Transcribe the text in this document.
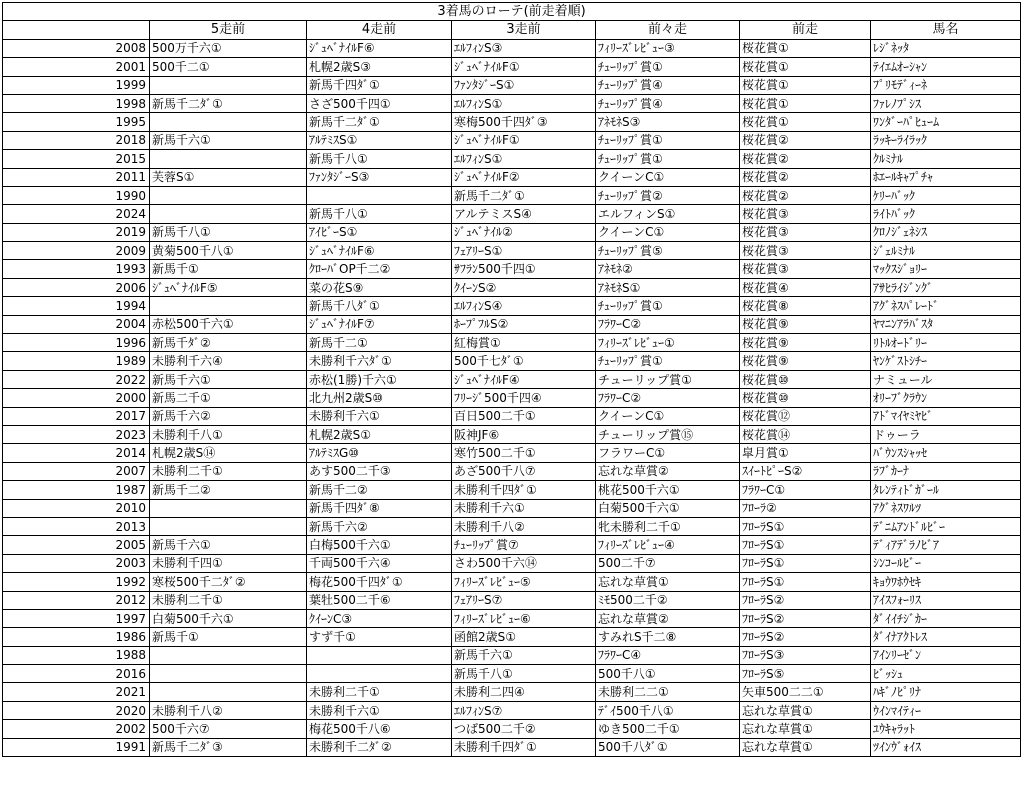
3着馬のローテ(前走着順)						
	5走前	4走前	3走前	前々走	前走	馬名
2008	500万千六①	ｼﾞｭﾍﾞﾅｲﾙF⑥	ｴﾙﾌｨﾝS③	ﾌｨﾘｰｽﾞﾚﾋﾞｭｰ③	桜花賞①	ﾚｼﾞﾈｯﾀ
2001	500千二①	札幌2歳S③	ｼﾞｭﾍﾞﾅｲﾙF①	ﾁｭｰﾘｯﾌﾟ賞①	桜花賞①	ﾃｲｴﾑｵｰｼｬﾝ
1999		新馬千四ﾀﾞ①	ﾌｧﾝﾀｼﾞｰS①	ﾁｭｰﾘｯﾌﾟ賞④	桜花賞①	ﾌﾟﾘﾓﾃﾞｨｰﾈ
1998	新馬千二ﾀﾞ①	さざ500千四①	ｴﾙﾌｨﾝS①	ﾁｭｰﾘｯﾌﾟ賞④	桜花賞①	ﾌｧﾚﾉﾌﾟｼｽ
1995		新馬千二ﾀﾞ①	寒梅500千四ﾀﾞ③	ｱﾈﾓﾈS③	桜花賞①	ﾜﾝﾀﾞｰﾊﾟﾋｭｰﾑ
2018	新馬千六①	ｱﾙﾃﾐｽS①	ｼﾞｭﾍﾞﾅｲﾙF①	ﾁｭｰﾘｯﾌﾟ賞①	桜花賞②	ﾗｯｷｰﾗｲﾗｯｸ
2015		新馬千八①	ｴﾙﾌｨﾝS①	ﾁｭｰﾘｯﾌﾟ賞①	桜花賞②	ｸﾙﾐﾅﾙ
2011	芙蓉S①	ﾌｧﾝﾀｼﾞｰS③	ｼﾞｭﾍﾞﾅｲﾙF②	クイーンC①	桜花賞②	ﾎｴｰﾙｷｬﾌﾟﾁｬ
1990			新馬千二ﾀﾞ①	ﾁｭｰﾘｯﾌﾟ賞②	桜花賞②	ｹﾘｰﾊﾞｯｸ
2024		新馬千八①	アルテミスS④	エルフィンS①	桜花賞③	ﾗｲﾄﾊﾞｯｸ
2019	新馬千八①	ｱｲﾋﾞｰS①	ｼﾞｭﾍﾞﾅｲﾙ②	クイーンC①	桜花賞③	ｸﾛﾉｼﾞｪﾈｼｽ
2009	黄菊500千八①	ｼﾞｭﾍﾞﾅｲﾙF⑥	ﾌｪｱﾘｰS①	ﾁｭｰﾘｯﾌﾟ賞⑤	桜花賞③	ｼﾞｪﾙﾐﾅﾙ
1993	新馬千①	ｸﾛｰﾊﾞOP千二②	ｻﾌﾗﾝ500千四①	ｱﾈﾓﾈ②	桜花賞③	ﾏｯｸｽｼﾞｮﾘｰ
2006	ｼﾞｭﾍﾞﾅｲﾙF⑤	菜の花S⑨	ｸｲｰﾝS②	ｱﾈﾓﾈS①	桜花賞④	ｱｻﾋﾗｲｼﾞﾝｸﾞ
1994		新馬千八ﾀﾞ①	ｴﾙﾌｨﾝS④	ﾁｭｰﾘｯﾌﾟ賞①	桜花賞⑧	ｱｸﾞﾈｽﾊﾟﾚｰﾄﾞ
2004	赤松500千六①	ｼﾞｭﾍﾞﾅｲﾙF⑦	ﾎｰﾌﾟﾌﾙS②	ﾌﾗﾜｰC②	桜花賞⑨	ﾔﾏﾆﾝｱﾗﾊﾞｽﾀ
1996	新馬千ﾀﾞ②	新馬千二①	紅梅賞①	ﾌｨﾘｰｽﾞﾚﾋﾞｭｰ①	桜花賞⑨	ﾘﾄﾙｵｰﾄﾞﾘｰ
1989	未勝利千六④	未勝利千六ﾀﾞ①	500千七ﾀﾞ①	ﾁｭｰﾘｯﾌﾟ賞①	桜花賞⑨	ﾔﾝｹﾞｽﾄｼﾁｰ
2022	新馬千六①	赤松(1勝)千六①	ｼﾞｭﾍﾞﾅｲﾙF④	チューリップ賞①	桜花賞⑩	ナミュール
2000	新馬二千①	北九州2歳S⑩	ﾌﾘｰｼﾞ500千四④	ﾌﾗﾜｰC②	桜花賞⑩	ｵﾘｰﾌﾞｸﾗｳﾝ
2017	新馬千六②	未勝利千六①	百日500二千①	クイーンC①	桜花賞⑫	ｱﾄﾞﾏｲﾔﾐﾔﾋﾞ
2023	未勝利千八①	札幌2歳S①	阪神JF⑥	チューリップ賞⑮	桜花賞⑭	ドゥーラ
2014	札幌2歳S⑭	ｱﾙﾃﾐｽG⑩	寒竹500二千①	フラワーC①	皐月賞①	ﾊﾞｳﾝｽｼｬｯｾ
2007	未勝利二千①	あす500二千③	あざ500千八⑦	忘れな草賞②	ｽｲｰﾄﾋﾟｰS②	ﾗﾌﾞｶｰﾅ
1987	新馬千二②	新馬千二②	未勝利千四ﾀﾞ①	桃花500千六①	ﾌﾗﾜｰC①	ﾀﾚﾝﾃｨﾄﾞｶﾞｰﾙ
2010		新馬千四ﾀﾞ⑧	未勝利千六①	白菊500千六①	ﾌﾛｰﾗ②	ｱｸﾞﾈｽﾜﾙﾂ
2013		新馬千六②	未勝利千八②	牝未勝利二千①	ﾌﾛｰﾗS①	ﾃﾞﾆﾑｱﾝﾄﾞﾙﾋﾞｰ
2005	新馬千六①	白梅500千六①	ﾁｭｰﾘｯﾌﾟ賞⑦	ﾌｨﾘｰｽﾞﾚﾋﾞｭｰ④	ﾌﾛｰﾗS①	ﾃﾞｨｱﾃﾞﾗﾉﾋﾞｱ
2003	未勝利千四①	千両500千六④	さわ500千六⑭	500二千⑦	ﾌﾛｰﾗS①	ｼﾝｺｰﾙﾋﾞｰ
1992	寒桜500千二ﾀﾞ②	梅花500千四ﾀﾞ①	ﾌｨﾘｰｽﾞﾚﾋﾞｭｰ⑤	忘れな草賞①	ﾌﾛｰﾗS①	ｷｮｳﾜﾎｳｾｷ
2012	未勝利二千①	葉牡500二千⑥	ﾌｪｱﾘｰS⑦	ﾐﾓ500二千②	ﾌﾛｰﾗS②	ｱｲｽﾌｫｰﾘｽ
1997	白菊500千六①	ｸｲｰﾝC③	ﾌｨﾘｰｽﾞﾚﾋﾞｭｰ⑥	忘れな草賞②	ﾌﾛｰﾗS②	ﾀﾞｲｲﾁｼﾞｶｰ
1986	新馬千①	すず千①	函館2歳S①	すみれS千二⑧	ﾌﾛｰﾗS②	ﾀﾞｲﾅｱｸﾄﾚｽ
1988			新馬千六①	ﾌﾗﾜｰC④	ﾌﾛｰﾗS③	ｱｲﾝﾘｰｾﾞﾝ
2016			新馬千八①	500千八①	ﾌﾛｰﾗS⑤	ﾋﾞｯｼｭ
2021		未勝利二千①	未勝利二四④	未勝利二二①	矢車500二二①	ﾊｷﾞﾉﾋﾟﾘﾅ
2020	未勝利千八②	未勝利千六①	ｴﾙﾌｨﾝS⑦	ﾃﾞｲ500千八①	忘れな草賞①	ｳｲﾝﾏｲﾃｨｰ
2002	500千六⑦	梅花500千八⑥	つば500二千②	ゆき500二千①	忘れな草賞①	ﾕｳｷｬﾗｯﾄ
1991	新馬千二ﾀﾞ③	未勝利千二ﾀﾞ②	未勝利千四ﾀﾞ①	500千八ﾀﾞ①	忘れな草賞①	ﾂｲﾝｳﾞｫｲｽ
